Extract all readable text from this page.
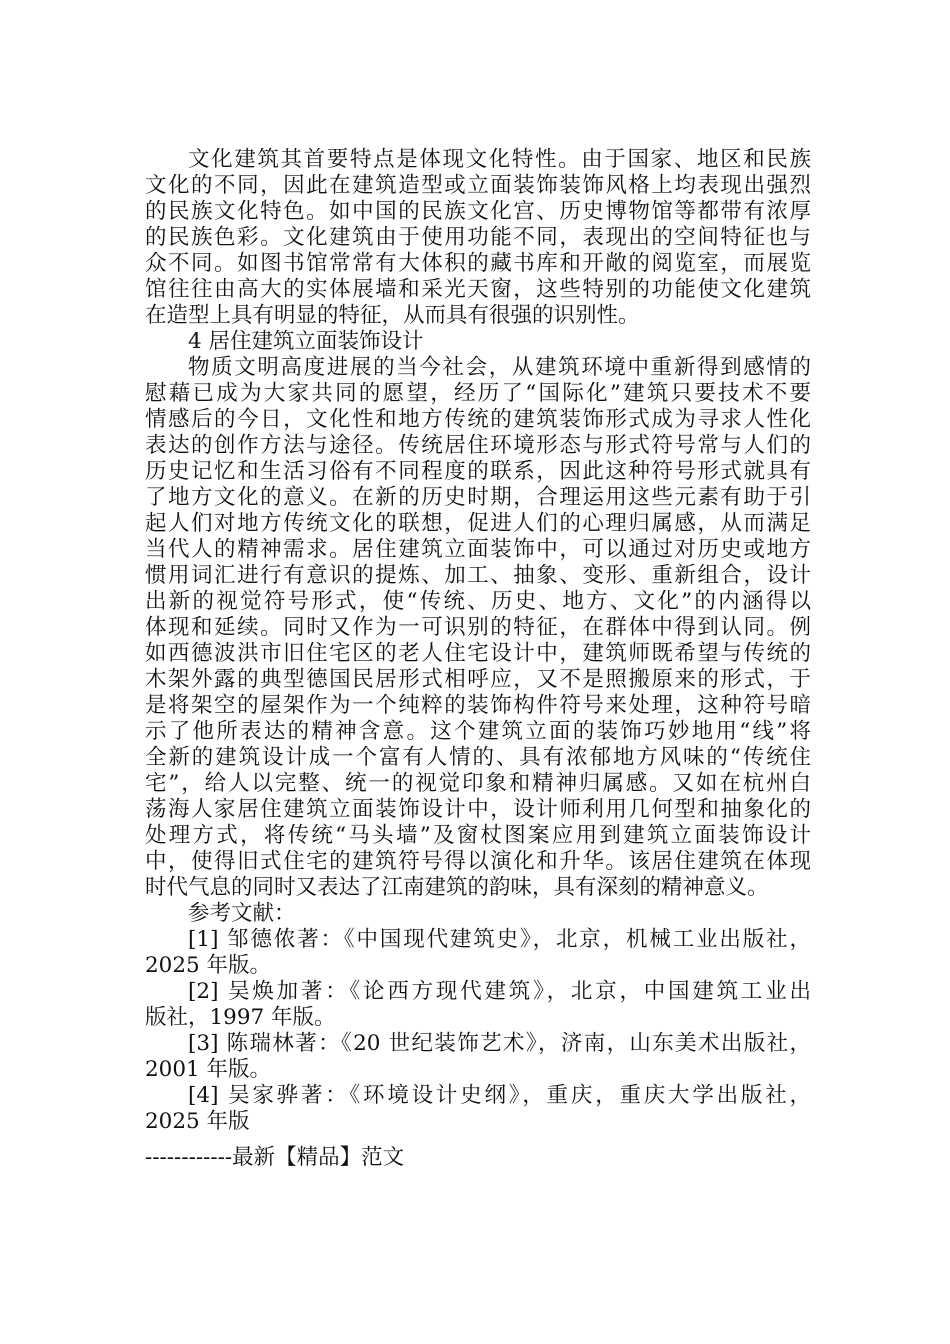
文化建筑其首要特点是体现文化特性。由于国家、地区和民族
文化的不同，因此在建筑造型或立面装饰装饰风格上均表现出强烈
的民族文化特色。如中国的民族文化宫、历史博物馆等都带有浓厚
的民族色彩。文化建筑由于使用功能不同，表现出的空间特征也与
众不同。如图书馆常常有大体积的藏书库和开敞的阅览室，而展览
馆往往由高大的实体展墙和采光天窗，这些特别的功能使文化建筑
在造型上具有明显的特征，从而具有很强的识别性。
4 居住建筑立面装饰设计
物质文明高度进展的当今社会，从建筑环境中重新得到感情的
慰藉已成为大家共同的愿望，经历了“国际化”建筑只要技术不要
情感后的今日，文化性和地方传统的建筑装饰形式成为寻求人性化
表达的创作方法与途径。传统居住环境形态与形式符号常与人们的
历史记忆和生活习俗有不同程度的联系，因此这种符号形式就具有
了地方文化的意义。在新的历史时期，合理运用这些元素有助于引
起人们对地方传统文化的联想，促进人们的心理归属感，从而满足
当代人的精神需求。居住建筑立面装饰中，可以通过对历史或地方
惯用词汇进行有意识的提炼、加工、抽象、变形、重新组合，设计
出新的视觉符号形式，使“传统、历史、地方、文化”的内涵得以
体现和延续。同时又作为一可识别的特征，在群体中得到认同。例
如西德波洪市旧住宅区的老人住宅设计中，建筑师既希望与传统的
木架外露的典型德国民居形式相呼应，又不是照搬原来的形式，于
是将架空的屋架作为一个纯粹的装饰构件符号来处理，这种符号暗
示了他所表达的精神含意。这个建筑立面的装饰巧妙地用“线”将
全新的建筑设计成一个富有人情的、具有浓郁地方风味的“传统住
宅”，给人以完整、统一的视觉印象和精神归属感。又如在杭州白
荡海人家居住建筑立面装饰设计中，设计师利用几何型和抽象化的
处理方式，将传统“马头墙”及窗杖图案应用到建筑立面装饰设计
中，使得旧式住宅的建筑符号得以演化和升华。该居住建筑在体现
时代气息的同时又表达了江南建筑的韵味，具有深刻的精神意义。
参考文献：
[1] 邹德侬著：《中国现代建筑史》，北京，机械工业出版社，
2025 年版。
[2] 吴焕加著：《论西方现代建筑》，北京，中国建筑工业出
版社，1997 年版。
[3] 陈瑞林著：《20 世纪装饰艺术》，济南，山东美术出版社，
2001 年版。
[4] 吴家骅著：《环境设计史纲》，重庆，重庆大学出版社，
2025 年版
------------最新【精品】范文
